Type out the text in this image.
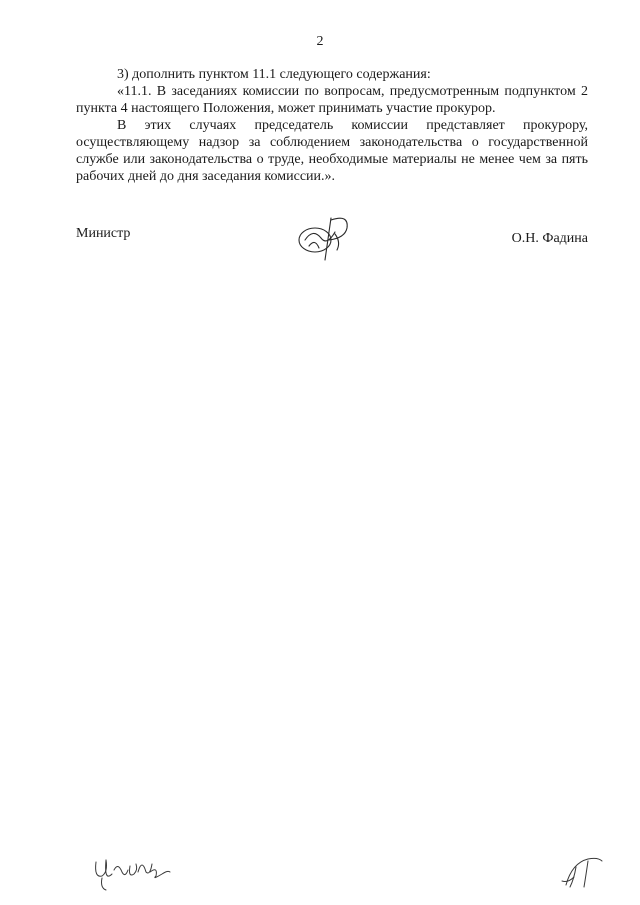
2

3) дополнить пунктом 11.1 следующего содержания:

«11.1. В заседаниях комиссии по вопросам, предусмотренным подпунктом 2 пункта 4 настоящего Положения, может принимать участие прокурор.

В этих случаях председатель комиссии представляет прокурору, осуществляющему надзор за соблюдением законодательства о государственной службе или законодательства о труде, необходимые материалы не менее чем за пять рабочих дней до дня заседания комиссии.».

Министр	О.Н. Фадина
